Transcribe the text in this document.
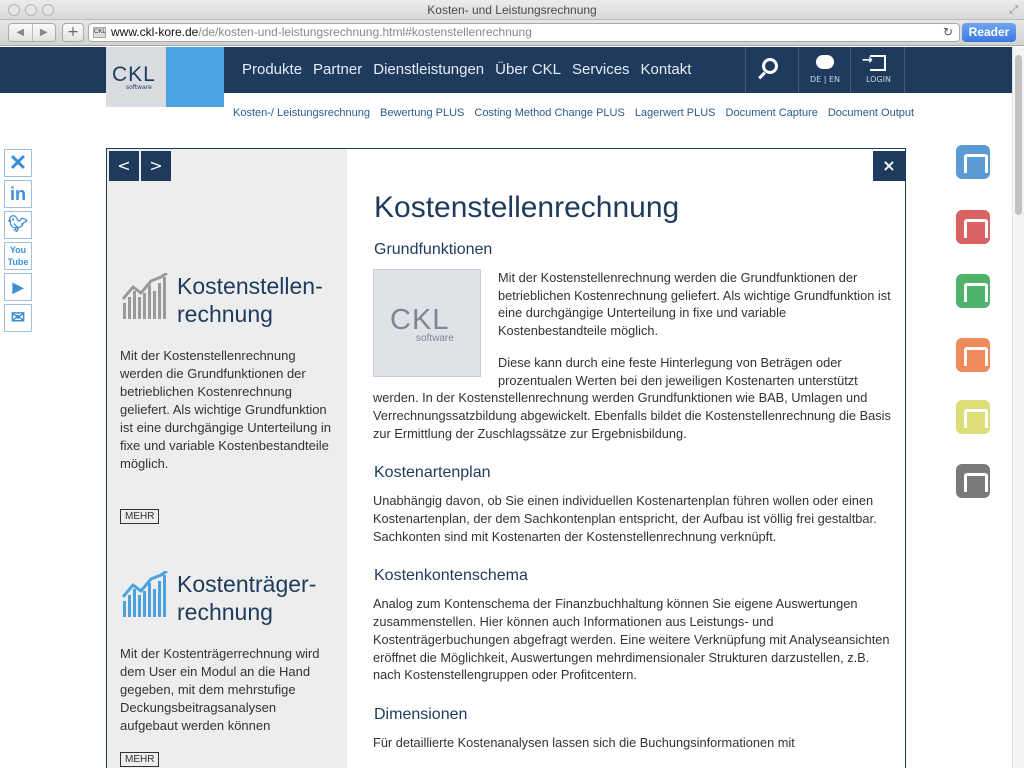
Kosten- und Leistungsrechnung	⤢
◀	▶	+	CKL www.ckl-kore.de/de/kosten-und-leistungsrechnung.html#kostenstellenrechnung	↻	Reader
CKL
software
Produkte Partner Dienstleistungen Über CKL Services Kontakt
DE | EN
→	LOGIN
Kosten-/ Leistungsrechnung Bewertung PLUS Costing Method Change PLUS Lagerwert PLUS Document Capture Document Output
✕
in
🐦︎
You
Tube
▶
✉
<	>
Kostenstellen-
rechnung
Mit der Kostenstellenrechnung werden die Grundfunktionen der betrieblichen Kostenrechnung geliefert. Als wichtige Grundfunktion ist eine durchgängige Unterteilung in fixe und variable Kostenbestandteile möglich.
MEHR
Kostenträger-
rechnung
Mit der Kostenträgerrechnung wird dem User ein Modul an die Hand gegeben, mit dem mehrstufige Deckungsbeitragsanalysen aufgebaut werden können
MEHR
×
Kostenstellenrechnung
Grundfunktionen
CKL
software

Mit der Kostenstellenrechnung werden die Grundfunktionen der betrieblichen Kostenrechnung geliefert. Als wichtige Grundfunktion ist eine durchgängige Unterteilung in fixe und variable Kostenbestandteile möglich.

Diese kann durch eine feste Hinterlegung von Beträgen oder prozentualen Werten bei den jeweiligen Kostenarten unterstützt werden. In der Kostenstellenrechnung werden Grundfunktionen wie BAB, Umlagen und Verrechnungssatzbildung abgewickelt. Ebenfalls bildet die Kostenstellenrechnung die Basis zur Ermittlung der Zuschlagssätze zur Ergebnisbildung.

Kostenartenplan

Unabhängig davon, ob Sie einen individuellen Kostenartenplan führen wollen oder einen
Kostenartenplan, der dem Sachkontenplan entspricht, der Aufbau ist völlig frei gestaltbar. Sachkonten sind mit Kostenarten der Kostenstellenrechnung verknüpft.

Kostenkontenschema

Analog zum Kontenschema der Finanzbuchhaltung können Sie eigene Auswertungen zusammenstellen. Hier können auch Informationen aus Leistungs- und Kostenträgerbuchungen abgefragt werden. Eine weitere Verknüpfung mit Analyseansichten eröffnet die Möglichkeit, Auswertungen mehrdimensionaler Strukturen darzustellen, z.B. nach Kostenstellengruppen oder Profitcentern.

Dimensionen

Für detaillierte Kostenanalysen lassen sich die Buchungsinformationen mit
